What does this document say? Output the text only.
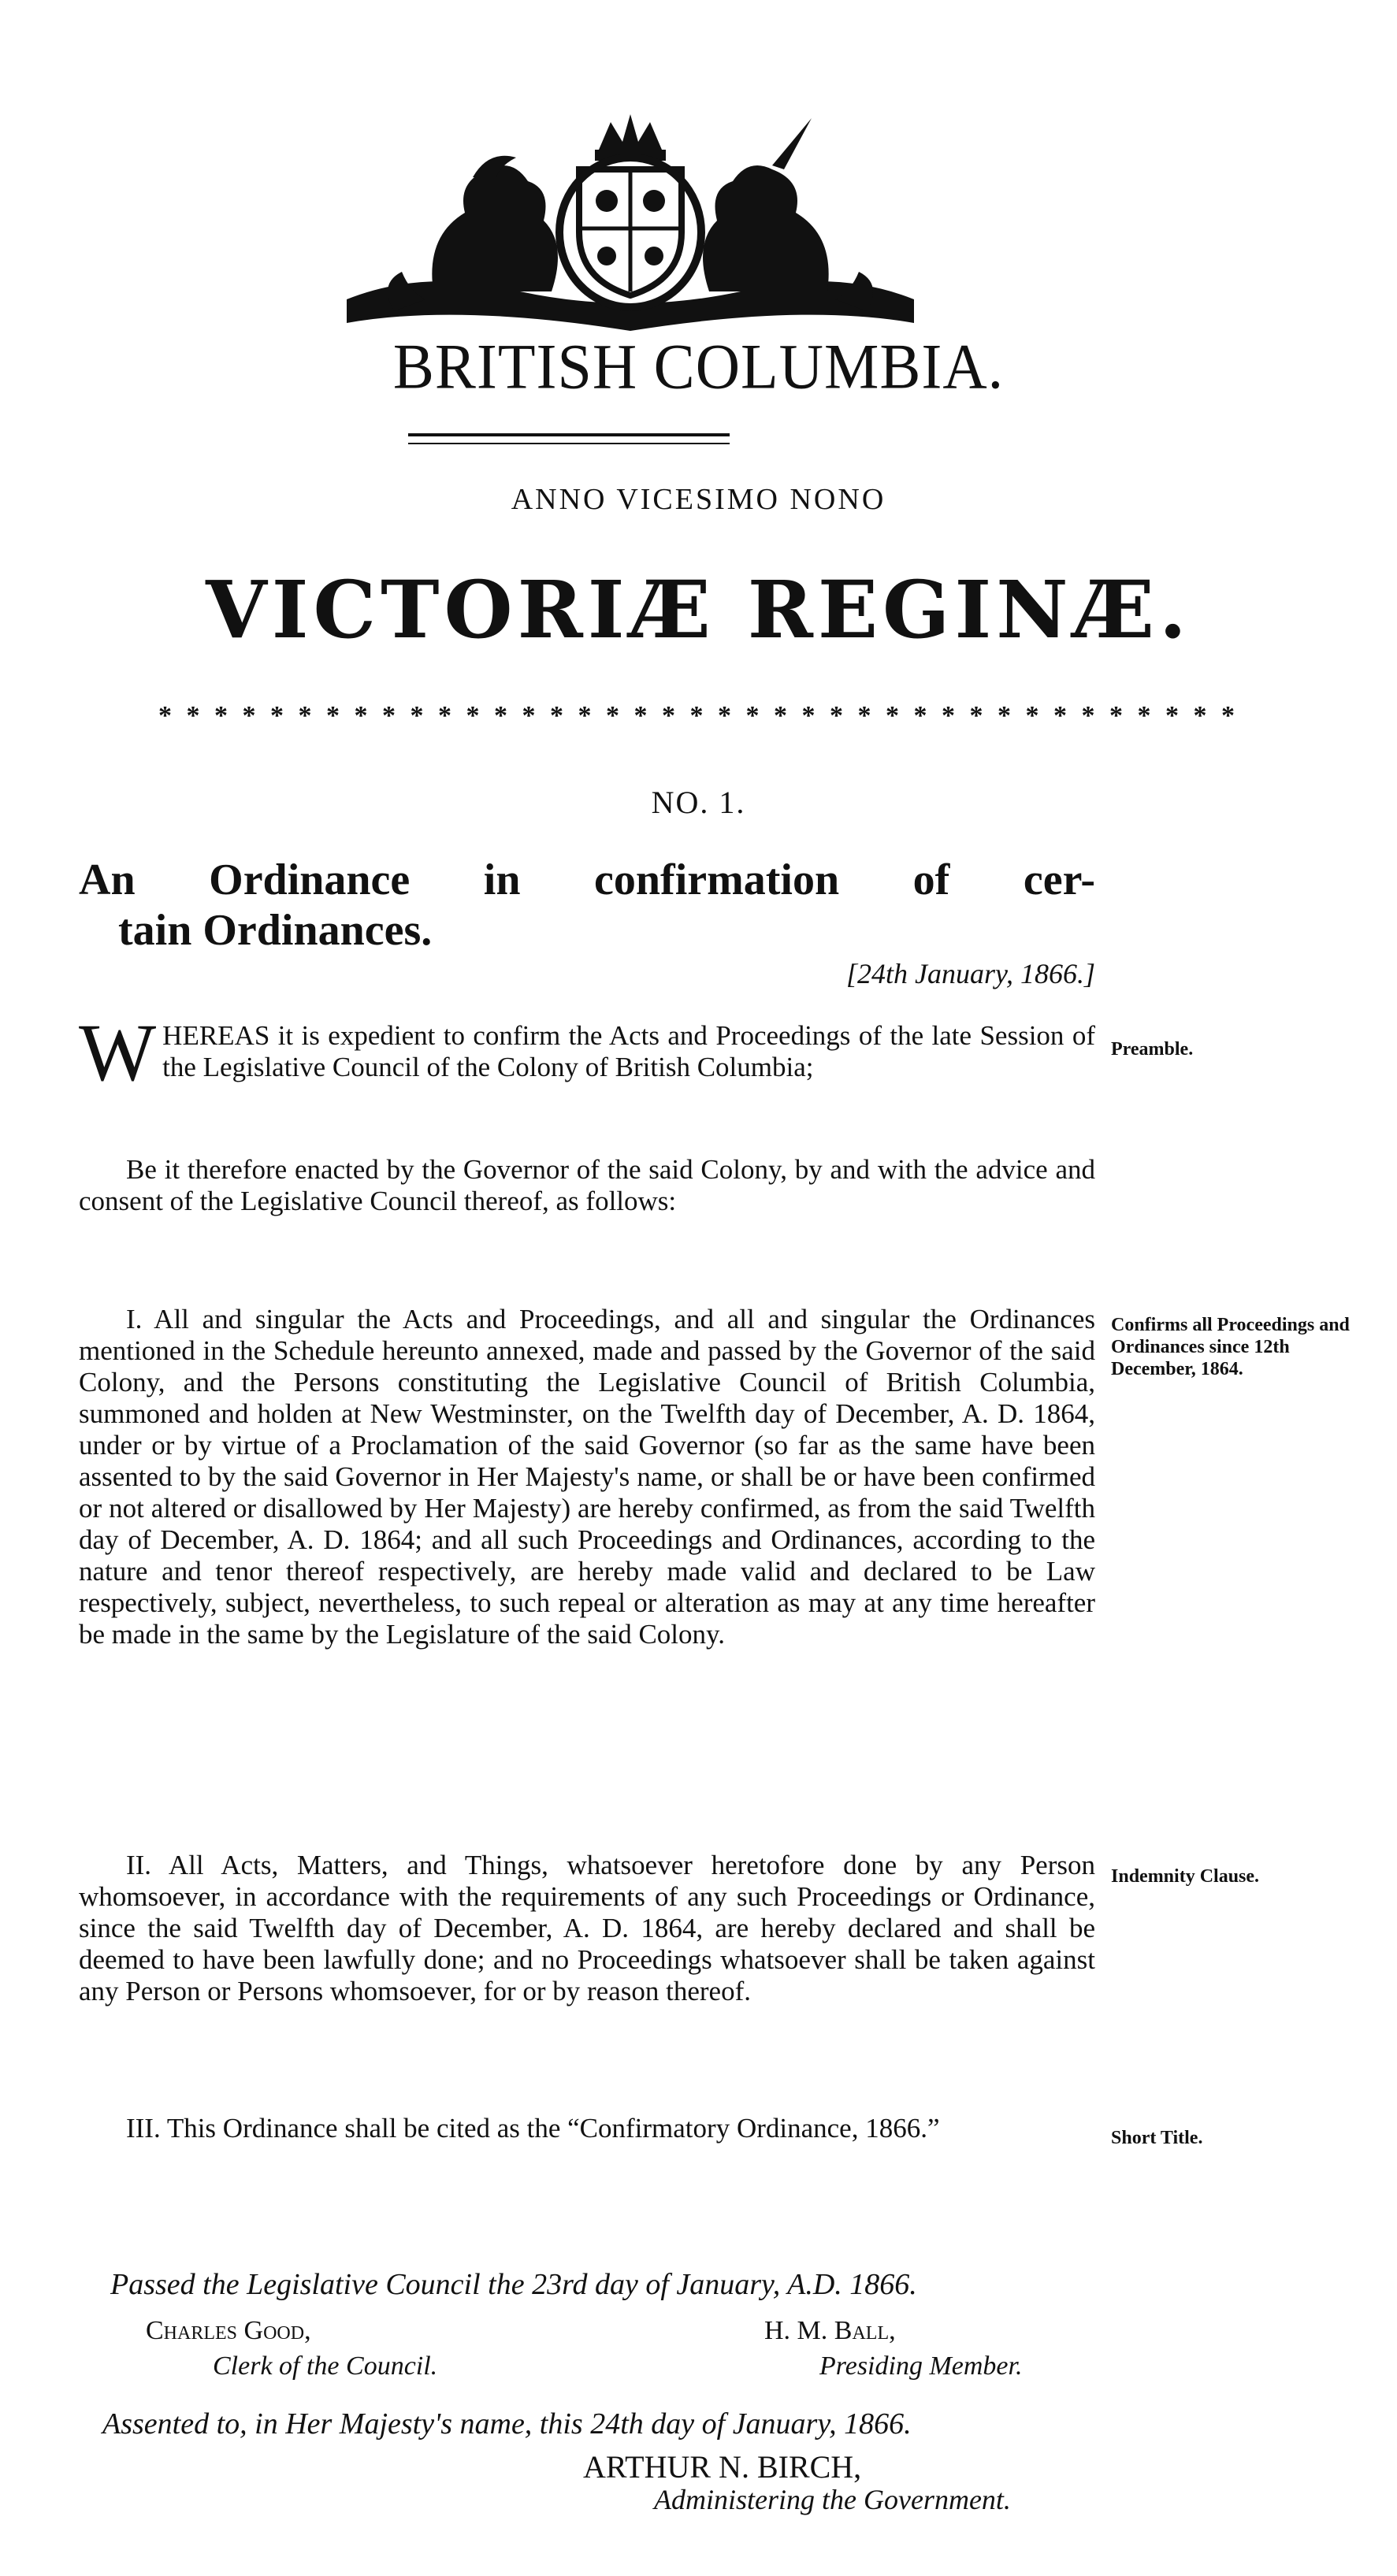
BRITISH COLUMBIA.
ANNO VICESIMO NONO
VICTORIÆ REGINÆ.
* * * * * * * * * * * * * * * * * * * * * * * * * * * * * * * * * * * * * * *
NO. 1.
An Ordinance in confirmation of cer-
tain Ordinances.
[24th January, 1866.]

WHEREAS it is expedient to confirm the Acts and Proceedings of the late Session of the Legislative Council of the Colony of British Columbia;

Preamble.

Be it therefore enacted by the Governor of the said Colony, by and with the advice and consent of the Legislative Council thereof, as follows:

I. All and singular the Acts and Proceedings, and all and singular the Ordinances mentioned in the Schedule hereunto annexed, made and passed by the Governor of the said Colony, and the Persons constituting the Legislative Council of British Columbia, summoned and holden at New Westminster, on the Twelfth day of December, A. D. 1864, under or by virtue of a Proclamation of the said Governor (so far as the same have been assented to by the said Governor in Her Majesty's name, or shall be or have been confirmed or not altered or disallowed by Her Majesty) are hereby confirmed, as from the said Twelfth day of December, A. D. 1864; and all such Proceedings and Ordinances, according to the nature and tenor thereof respectively, are hereby made valid and declared to be Law respectively, subject, nevertheless, to such repeal or alteration as may at any time hereafter be made in the same by the Legislature of the said Colony.

Confirms all Proceedings and Ordinances since 12th December, 1864.

II. All Acts, Matters, and Things, whatsoever heretofore done by any Person whomsoever, in accordance with the requirements of any such Proceedings or Ordinance, since the said Twelfth day of December, A. D. 1864, are hereby declared and shall be deemed to have been lawfully done; and no Proceedings whatsoever shall be taken against any Person or Persons whomsoever, for or by reason thereof.

Indemnity Clause.

III. This Ordinance shall be cited as the “Confirmatory Ordinance, 1866.”	Short Title.
Passed the Legislative Council the 23rd day of January, A.D. 1866.
Charles Good,	H. M. Ball,
Clerk of the Council.	Presiding Member.
Assented to, in Her Majesty's name, this 24th day of January, 1866.
ARTHUR N. BIRCH,
Administering the Government.
